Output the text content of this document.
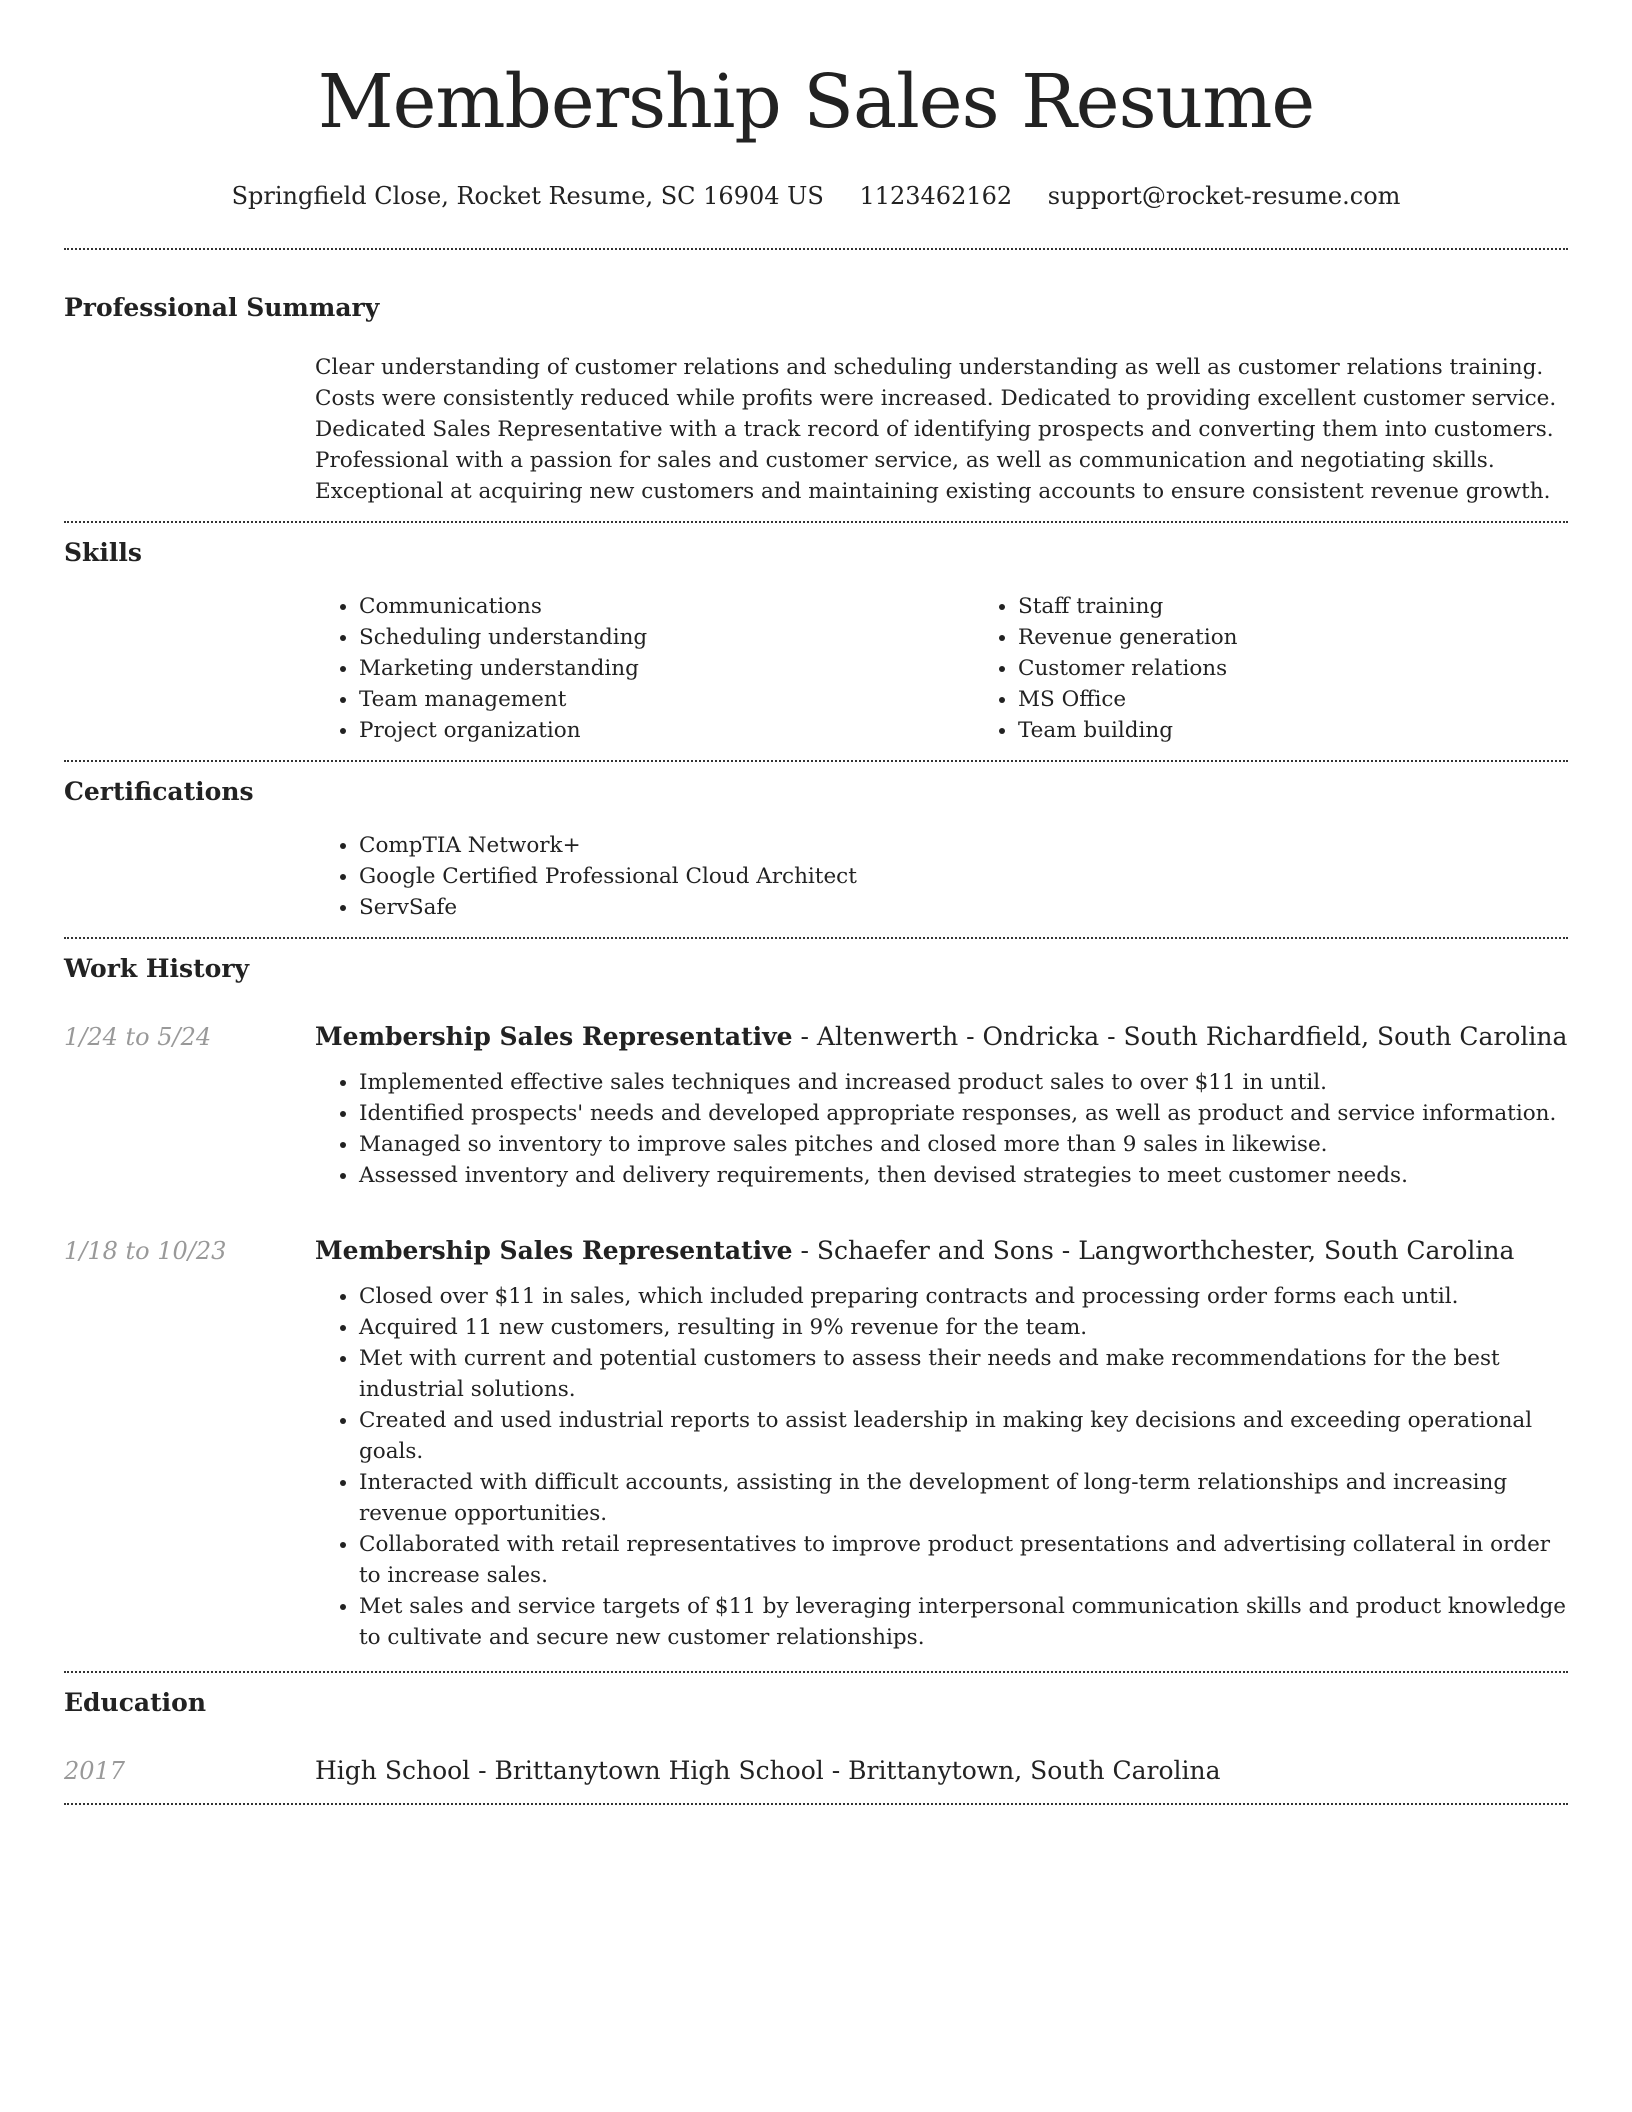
Membership Sales Resume
Springfield Close, Rocket Resume, SC 16904 US 1123462162 support@rocket-resume.com
Professional Summary

Clear understanding of customer relations and scheduling understanding as well as customer relations training. Costs were consistently reduced while profits were increased. Dedicated to providing excellent customer service. Dedicated Sales Representative with a track record of identifying prospects and converting them into customers. Professional with a passion for sales and customer service, as well as communication and negotiating skills. Exceptional at acquiring new customers and maintaining existing accounts to ensure consistent revenue growth.

Skills
• Communications
• Scheduling understanding
• Marketing understanding
• Team management
• Project organization
• Staff training
• Revenue generation
• Customer relations
• MS Office
• Team building
Certifications
• CompTIA Network+
• Google Certified Professional Cloud Architect
• ServSafe
Work History
1/24 to 5/24	Membership Sales Representative - Altenwerth - Ondricka - South Richardfield, South Carolina
• Implemented effective sales techniques and increased product sales to over $11 in until.
• Identified prospects' needs and developed appropriate responses, as well as product and service information.
• Managed so inventory to improve sales pitches and closed more than 9 sales in likewise.
• Assessed inventory and delivery requirements, then devised strategies to meet customer needs.
1/18 to 10/23	Membership Sales Representative - Schaefer and Sons - Langworthchester, South Carolina
• Closed over $11 in sales, which included preparing contracts and processing order forms each until.
• Acquired 11 new customers, resulting in 9% revenue for the team.
• Met with current and potential customers to assess their needs and make recommendations for the best industrial solutions.
• Created and used industrial reports to assist leadership in making key decisions and exceeding operational goals.
• Interacted with difficult accounts, assisting in the development of long-term relationships and increasing revenue opportunities.
• Collaborated with retail representatives to improve product presentations and advertising collateral in order to increase sales.
• Met sales and service targets of $11 by leveraging interpersonal communication skills and product knowledge to cultivate and secure new customer relationships.
Education
2017	High School - Brittanytown High School - Brittanytown, South Carolina
